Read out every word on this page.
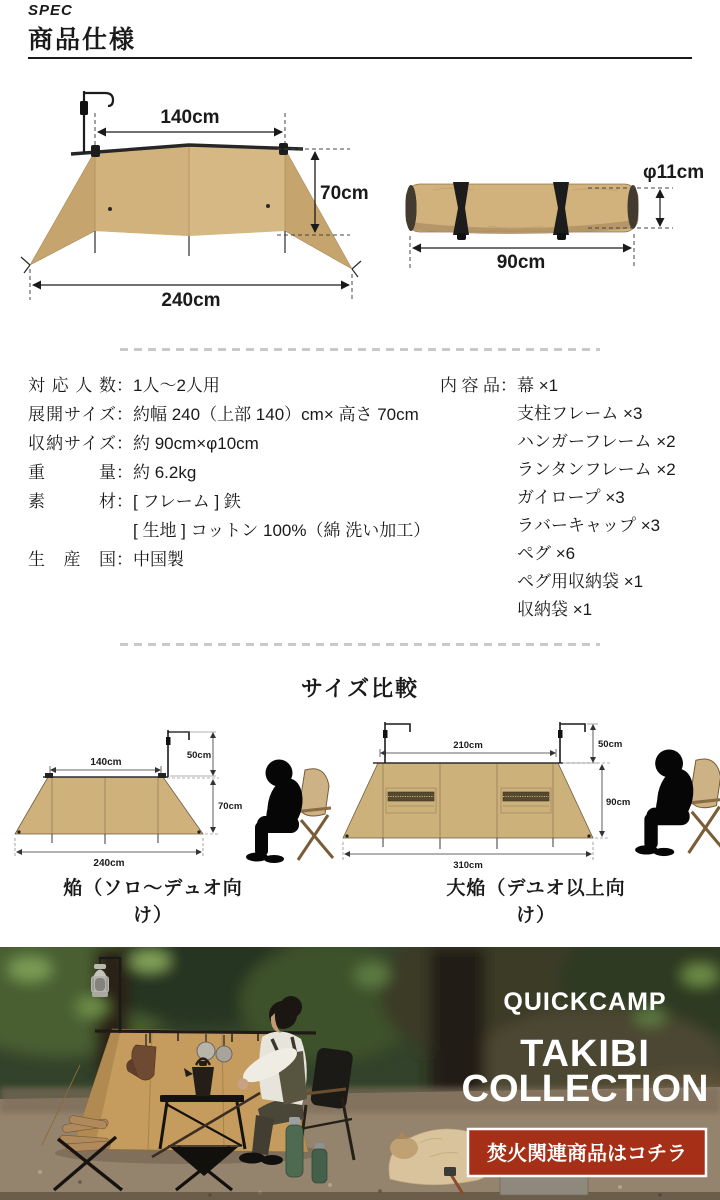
SPEC
商品仕様
140cm
70cm
240cm
φ11cm
90cm
対応人数：1人〜2人用
展開サイズ：約幅 240（上部 140）cm× 高さ 70cm
収納サイズ：約 90cm×φ10cm
重量：約 6.2kg
素材：[ フレーム ] 鉄
[ 生地 ] コットン 100%（綿 洗い加工）
生産国：中国製
内容品：幕 ×1
支柱フレーム ×3
ハンガーフレーム ×2
ランタンフレーム ×2
ガイロープ ×3
ラバーキャップ ×3
ペグ ×6
ペグ用収納袋 ×1
収納袋 ×1
サイズ比較
140cm
50cm
70cm
240cm
焔（ソロ〜デュオ向け）
210cm	50cm
90cm
310cm
大焔（デユオ以上向け）
QUICKCAMP
TAKIBI
COLLECTION
焚火関連商品はコチラ
